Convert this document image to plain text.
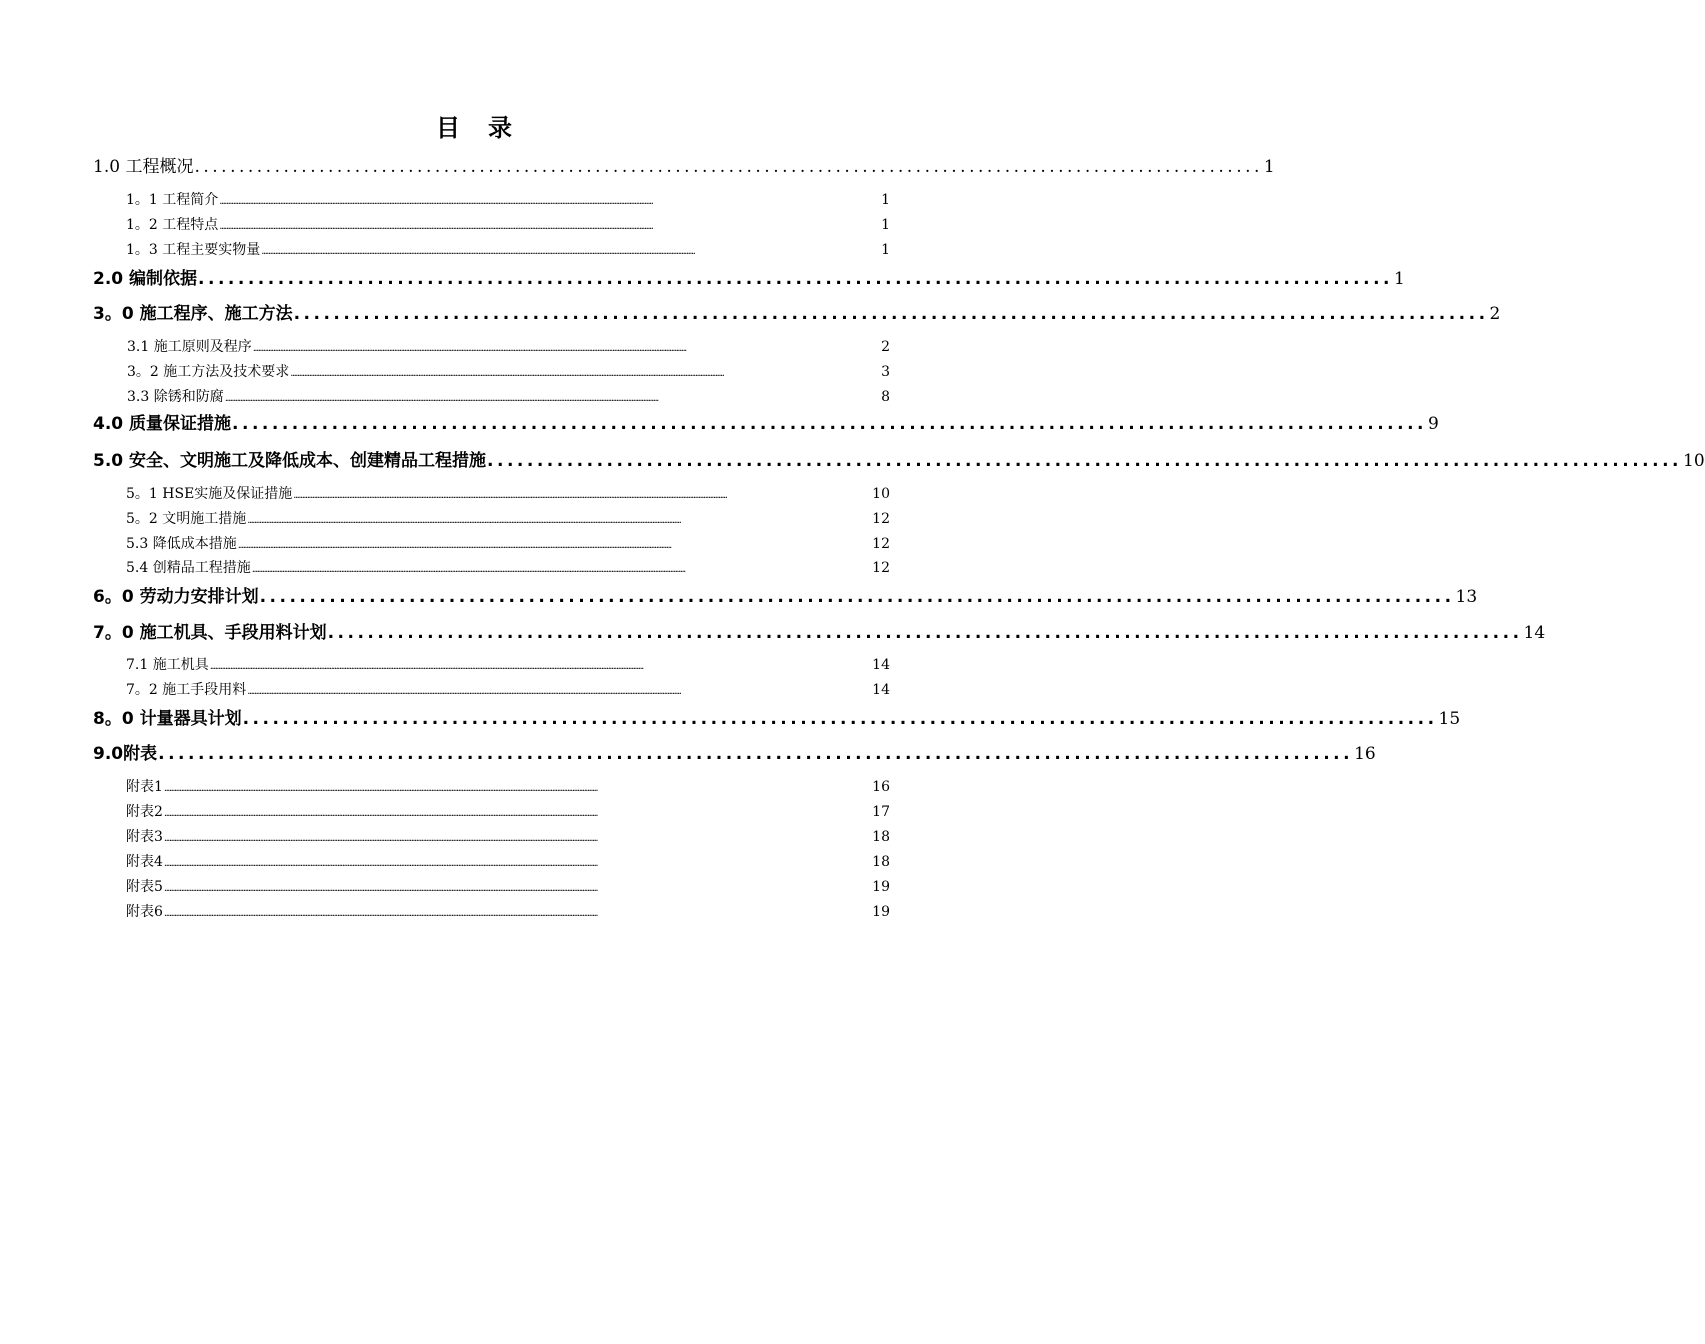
目　录
1.0 工程概况 ........................................................................................................................ 1
1。1 工程简介 ..................................................................................................................................................................................................................................................................	1
1。2 工程特点 ..................................................................................................................................................................................................................................................................	1
1。3 工程主要实物量 ..................................................................................................................................................................................................................................................................	1
2.0 编制依据 ........................................................................................................................ 1
3。0 施工程序、施工方法 ........................................................................................................................ 2
3.1 施工原则及程序 ..................................................................................................................................................................................................................................................................	2
3。2 施工方法及技术要求 ..................................................................................................................................................................................................................................................................	3
3.3 除锈和防腐 ..................................................................................................................................................................................................................................................................	8
4.0 质量保证措施 ........................................................................................................................ 9
5.0 安全、文明施工及降低成本、创建精品工程措施 ........................................................................................................................ 10
5。1 HSE实施及保证措施 ..................................................................................................................................................................................................................................................................	10
5。2 文明施工措施 ..................................................................................................................................................................................................................................................................	12
5.3 降低成本措施 ..................................................................................................................................................................................................................................................................	12
5.4 创精品工程措施 ..................................................................................................................................................................................................................................................................	12
6。0 劳动力安排计划 ........................................................................................................................ 13
7。0 施工机具、手段用料计划 ........................................................................................................................ 14
7.1 施工机具 ..................................................................................................................................................................................................................................................................	14
7。2 施工手段用料 ..................................................................................................................................................................................................................................................................	14
8。0 计量器具计划 ........................................................................................................................ 15
9.0附表 ........................................................................................................................ 16
附表1 ..................................................................................................................................................................................................................................................................	16
附表2 ..................................................................................................................................................................................................................................................................	17
附表3 ..................................................................................................................................................................................................................................................................	18
附表4 ..................................................................................................................................................................................................................................................................	18
附表5 ..................................................................................................................................................................................................................................................................	19
附表6 ..................................................................................................................................................................................................................................................................	19
